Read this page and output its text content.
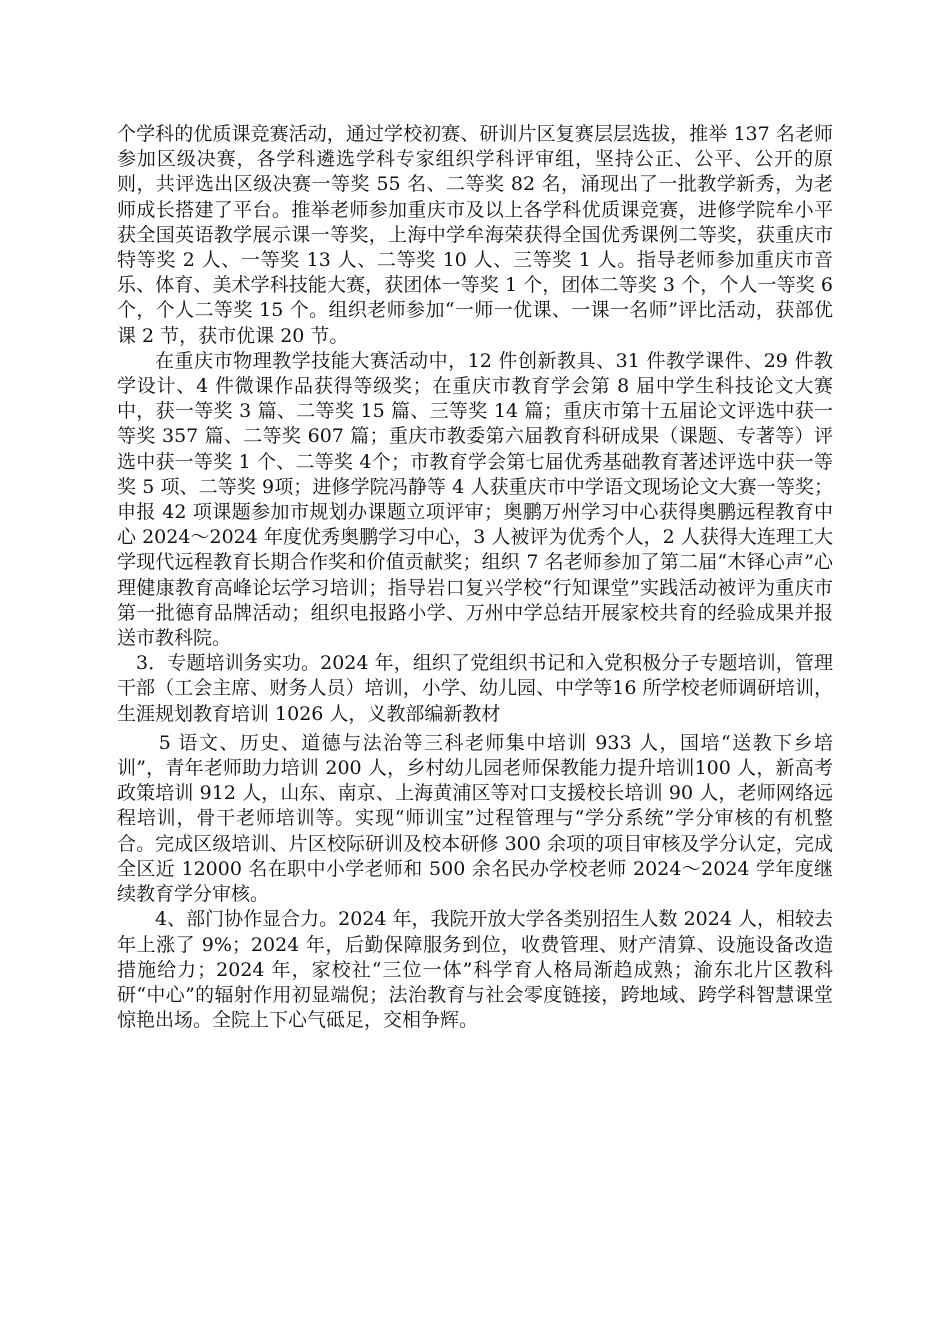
个学科的优质课竞赛活动，通过学校初赛、研训片区复赛层层选拔，推举 137 名老师参加区级决赛，各学科遴选学科专家组织学科评审组，坚持公正、公平、公开的原则，共评选出区级决赛一等奖 55 名、二等奖 82 名，涌现出了一批教学新秀，为老师成长搭建了平台。推举老师参加重庆市及以上各学科优质课竞赛，进修学院牟小平获全国英语教学展示课一等奖，上海中学牟海荣获得全国优秀课例二等奖，获重庆市特等奖 2 人、一等奖 13 人、二等奖 10 人、三等奖 1 人。指导老师参加重庆市音乐、体育、美术学科技能大赛，获团体一等奖 1 个，团体二等奖 3 个，个人一等奖 6 个，个人二等奖 15 个。组织老师参加“一师一优课、一课一名师”评比活动，获部优课 2 节，获市优课 20 节。

在重庆市物理教学技能大赛活动中，12 件创新教具、31 件教学课件、29 件教学设计、4 件微课作品获得等级奖；在重庆市教育学会第 8 届中学生科技论文大赛中，获一等奖 3 篇、二等奖 15 篇、三等奖 14 篇；重庆市第十五届论文评选中获一等奖 357 篇、二等奖 607 篇；重庆市教委第六届教育科研成果（课题、专著等）评选中获一等奖 1 个、二等奖 4个；市教育学会第七届优秀基础教育著述评选中获一等奖 5 项、二等奖 9项；进修学院冯静等 4 人获重庆市中学语文现场论文大赛一等奖；申报 42 项课题参加市规划办课题立项评审；奥鹏万州学习中心获得奥鹏远程教育中心 2024～2024 年度优秀奥鹏学习中心，3 人被评为优秀个人，2 人获得大连理工大学现代远程教育长期合作奖和价值贡献奖；组织 7 名老师参加了第二届“木铎心声”心理健康教育高峰论坛学习培训；指导岩口复兴学校“行知课堂”实践活动被评为重庆市第一批德育品牌活动；组织电报路小学、万州中学总结开展家校共育的经验成果并报送市教科院。

3．专题培训务实功。2024 年，组织了党组织书记和入党积极分子专题培训，管理干部（工会主席、财务人员）培训，小学、幼儿园、中学等16 所学校老师调研培训，生涯规划教育培训 1026 人，义教部编新教材

5 语文、历史、道德与法治等三科老师集中培训 933 人，国培“送教下乡培训”，青年老师助力培训 200 人，乡村幼儿园老师保教能力提升培训100 人，新高考政策培训 912 人，山东、南京、上海黄浦区等对口支援校长培训 90 人，老师网络远程培训，骨干老师培训等。实现“师训宝”过程管理与“学分系统”学分审核的有机整合。完成区级培训、片区校际研训及校本研修 300 余项的项目审核及学分认定，完成全区近 12000 名在职中小学老师和 500 余名民办学校老师 2024～2024 学年度继续教育学分审核。

4、部门协作显合力。2024 年，我院开放大学各类别招生人数 2024 人，相较去年上涨了 9%；2024 年，后勤保障服务到位，收费管理、财产清算、设施设备改造措施给力；2024 年，家校社“三位一体”科学育人格局渐趋成熟；渝东北片区教科研“中心”的辐射作用初显端倪；法治教育与社会零度链接，跨地域、跨学科智慧课堂惊艳出场。全院上下心气砥足，交相争辉。
